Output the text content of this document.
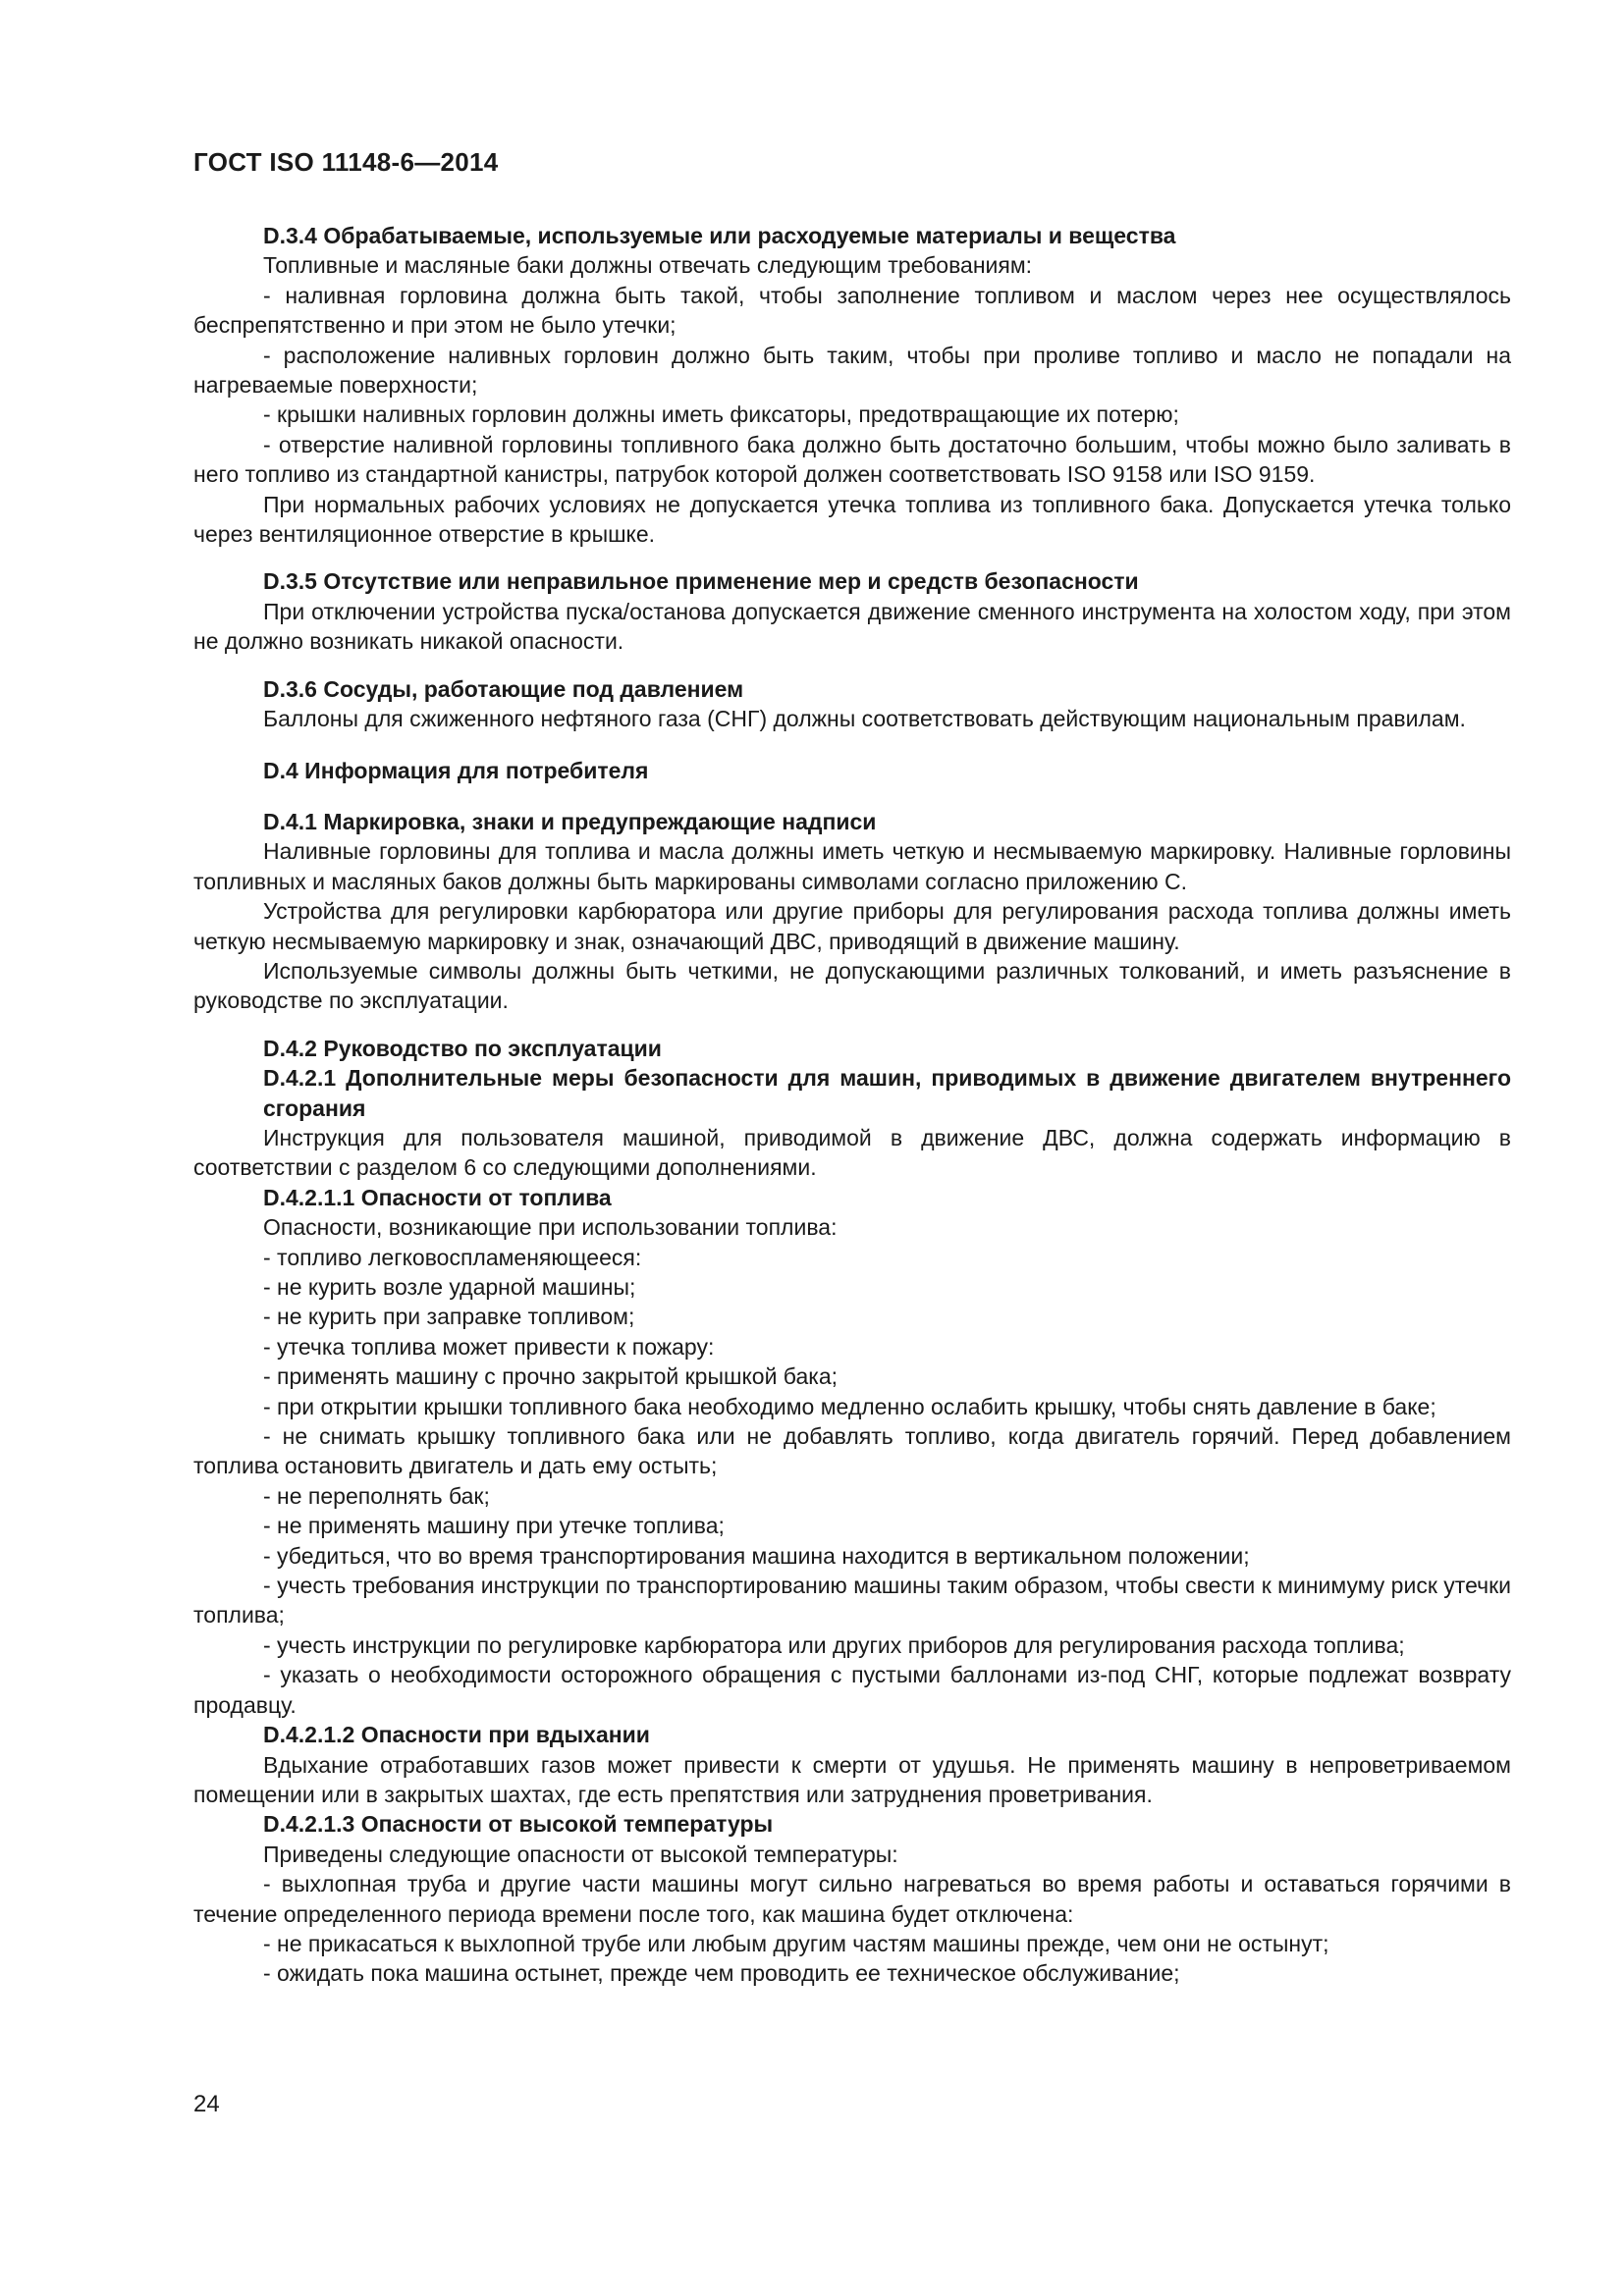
ГОСТ ISO 11148-6—2014

D.3.4 Обрабатываемые, используемые или расходуемые материалы и вещества

Топливные и масляные баки должны отвечать следующим требованиям:

- наливная горловина должна быть такой, чтобы заполнение топливом и маслом через нее осуществлялось беспрепятственно и при этом не было утечки;

- расположение наливных горловин должно быть таким, чтобы при проливе топливо и масло не попадали на нагреваемые поверхности;

- крышки наливных горловин должны иметь фиксаторы, предотвращающие их потерю;

- отверстие наливной горловины топливного бака должно быть достаточно большим, чтобы можно было заливать в него топливо из стандартной канистры, патрубок которой должен соответствовать ISO 9158 или ISO 9159.

При нормальных рабочих условиях не допускается утечка топлива из топливного бака. Допускается утечка только через вентиляционное отверстие в крышке.

D.3.5 Отсутствие или неправильное применение мер и средств безопасности

При отключении устройства пуска/останова допускается движение сменного инструмента на холостом ходу, при этом не должно возникать никакой опасности.

D.3.6 Сосуды, работающие под давлением

Баллоны для сжиженного нефтяного газа (СНГ) должны соответствовать действующим национальным правилам.

D.4 Информация для потребителя

D.4.1 Маркировка, знаки и предупреждающие надписи

Наливные горловины для топлива и масла должны иметь четкую и несмываемую маркировку. Наливные горловины топливных и масляных баков должны быть маркированы символами согласно приложению С.

Устройства для регулировки карбюратора или другие приборы для регулирования расхода топлива должны иметь четкую несмываемую маркировку и знак, означающий ДВС, приводящий в движение машину.

Используемые символы должны быть четкими, не допускающими различных толкований, и иметь разъяснение в руководстве по эксплуатации.

D.4.2 Руководство по эксплуатации

D.4.2.1 Дополнительные меры безопасности для машин, приводимых в движение двигателем внутреннего сгорания

Инструкция для пользователя машиной, приводимой в движение ДВС, должна содержать информацию в соответствии с разделом 6 со следующими дополнениями.

D.4.2.1.1 Опасности от топлива

Опасности, возникающие при использовании топлива:

- топливо легковоспламеняющееся:

- не курить возле ударной машины;

- не курить при заправке топливом;

- утечка топлива может привести к пожару:

- применять машину с прочно закрытой крышкой бака;

- при открытии крышки топливного бака необходимо медленно ослабить крышку, чтобы снять давление в баке;

- не снимать крышку топливного бака или не добавлять топливо, когда двигатель горячий. Перед добавлением топлива остановить двигатель и дать ему остыть;

- не переполнять бак;

- не применять машину при утечке топлива;

- убедиться, что во время транспортирования машина находится в вертикальном положении;

- учесть требования инструкции по транспортированию машины таким образом, чтобы свести к минимуму риск утечки топлива;

- учесть инструкции по регулировке карбюратора или других приборов для регулирования расхода топлива;

- указать о необходимости осторожного обращения с пустыми баллонами из-под СНГ, которые подлежат возврату продавцу.

D.4.2.1.2 Опасности при вдыхании

Вдыхание отработавших газов может привести к смерти от удушья. Не применять машину в непроветриваемом помещении или в закрытых шахтах, где есть препятствия или затруднения проветривания.

D.4.2.1.3 Опасности от высокой температуры

Приведены следующие опасности от высокой температуры:

- выхлопная труба и другие части машины могут сильно нагреваться во время работы и оставаться горячими в течение определенного периода времени после того, как машина будет отключена:

- не прикасаться к выхлопной трубе или любым другим частям машины прежде, чем они не остынут;

- ожидать пока машина остынет, прежде чем проводить ее техническое обслуживание;

24
